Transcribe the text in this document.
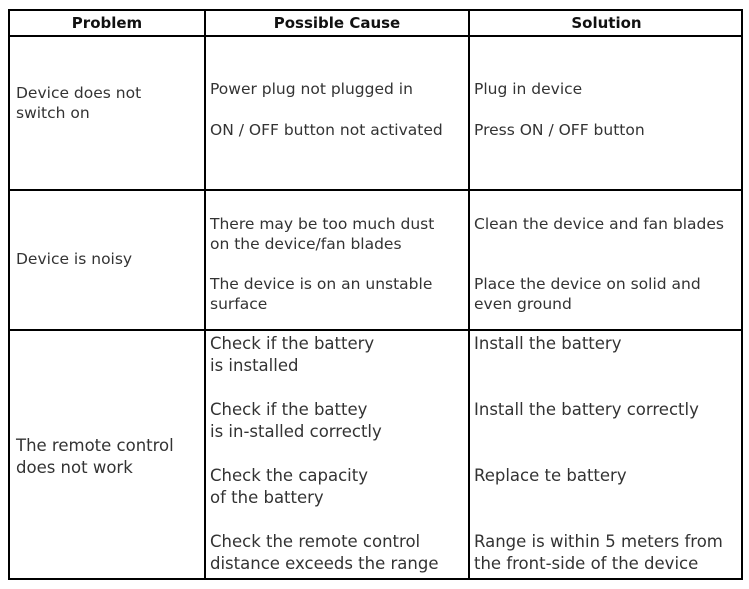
Problem	Possible Cause	Solution
Device does not
switch on
Power plug not plugged in
ON / OFF button not activated
Plug in device
Press ON / OFF button
Device is noisy
There may be too much dust
on the device/fan blades
The device is on an unstable
surface
Clean the device and fan blades
Place the device on solid and
even ground
The remote control
does not work
Check if the battery
is installed
Check if the battey
is in-stalled correctly
Check the capacity
of the battery
Check the remote control
distance exceeds the range
Install the battery
Install the battery correctly
Replace te battery
Range is within 5 meters from
the front-side of the device
